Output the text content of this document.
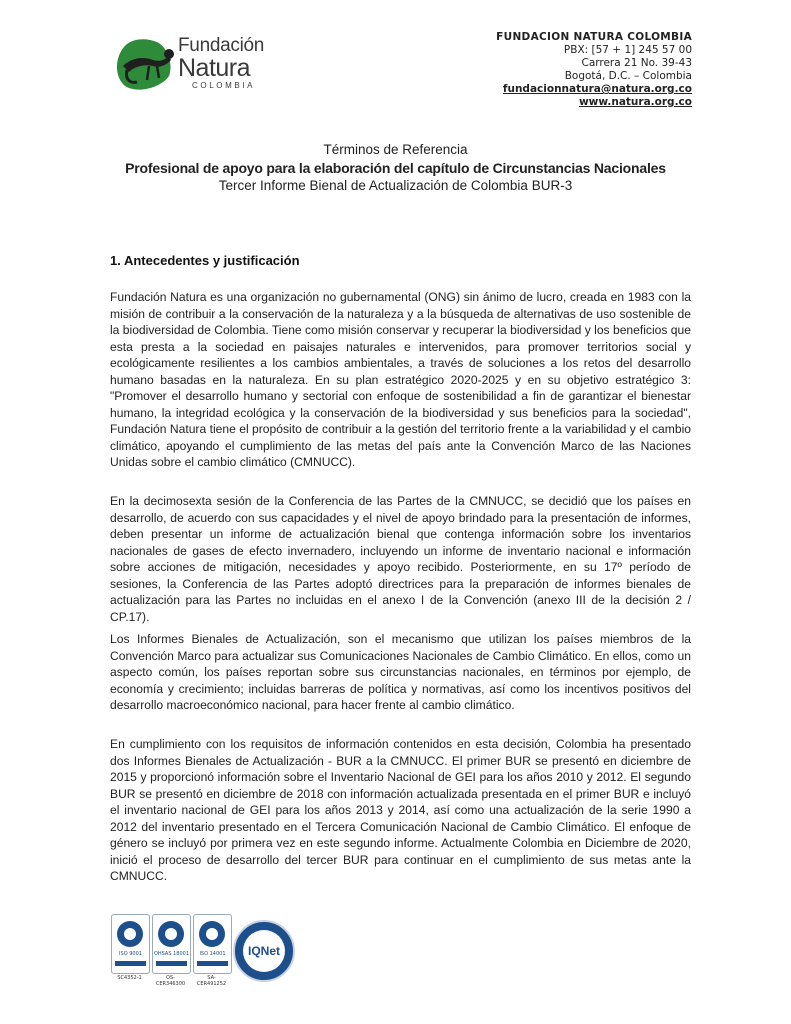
Fundación
Natura
COLOMBIA
FUNDACION NATURA COLOMBIA
PBX: [57 + 1] 245 57 00
Carrera 21 No. 39-43
Bogotá, D.C. – Colombia
fundacionnatura@natura.org.co
www.natura.org.co
Términos de Referencia
Profesional de apoyo para la elaboración del capítulo de Circunstancias Nacionales
Tercer Informe Bienal de Actualización de Colombia BUR-3
1. Antecedentes y justificación
Fundación Natura es una organización no gubernamental (ONG) sin ánimo de lucro, creada en 1983 con la misión de contribuir a la conservación de la naturaleza y a la búsqueda de alternativas de uso sostenible de la biodiversidad de Colombia. Tiene como misión conservar y recuperar la biodiversidad y los beneficios que esta presta a la sociedad en paisajes naturales e intervenidos, para promover territorios social y ecológicamente resilientes a los cambios ambientales, a través de soluciones a los retos del desarrollo humano basadas en la naturaleza. En su plan estratégico 2020-2025 y en su objetivo estratégico 3: "Promover el desarrollo humano y sectorial con enfoque de sostenibilidad a fin de garantizar el bienestar humano, la integridad ecológica y la conservación de la biodiversidad y sus beneficios para la sociedad", Fundación Natura tiene el propósito de contribuir a la gestión del territorio frente a la variabilidad y el cambio climático, apoyando el cumplimiento de las metas del país ante la Convención Marco de las Naciones Unidas sobre el cambio climático (CMNUCC).
En la decimosexta sesión de la Conferencia de las Partes de la CMNUCC, se decidió que los países en desarrollo, de acuerdo con sus capacidades y el nivel de apoyo brindado para la presentación de informes, deben presentar un informe de actualización bienal que contenga información sobre los inventarios nacionales de gases de efecto invernadero, incluyendo un informe de inventario nacional e información sobre acciones de mitigación, necesidades y apoyo recibido. Posteriormente, en su 17º período de sesiones, la Conferencia de las Partes adoptó directrices para la preparación de informes bienales de actualización para las Partes no incluidas en el anexo I de la Convención (anexo III de la decisión 2 / CP.17).
Los Informes Bienales de Actualización, son el mecanismo que utilizan los países miembros de la Convención Marco para actualizar sus Comunicaciones Nacionales de Cambio Climático. En ellos, como un aspecto común, los países reportan sobre sus circunstancias nacionales, en términos por ejemplo, de economía y crecimiento; incluidas barreras de política y normativas, así como los incentivos positivos del desarrollo macroeconómico nacional, para hacer frente al cambio climático.
En cumplimiento con los requisitos de información contenidos en esta decisión, Colombia ha presentado dos Informes Bienales de Actualización - BUR a la CMNUCC. El primer BUR se presentó en diciembre de 2015 y proporcionó información sobre el Inventario Nacional de GEI para los años 2010 y 2012. El segundo BUR se presentó en diciembre de 2018 con información actualizada presentada en el primer BUR e incluyó el inventario nacional de GEI para los años 2013 y 2014, así como una actualización de la serie 1990 a 2012 del inventario presentado en el Tercera Comunicación Nacional de Cambio Climático. El enfoque de género se incluyó por primera vez en este segundo informe. Actualmente Colombia en Diciembre de 2020, inició el proceso de desarrollo del tercer BUR para continuar en el cumplimiento de sus metas ante la CMNUCC.
ISO 9001
SC4352-1
OHSAS 18001
OS-CER346300
ISO 14001
SA-CER491252
IQNet
